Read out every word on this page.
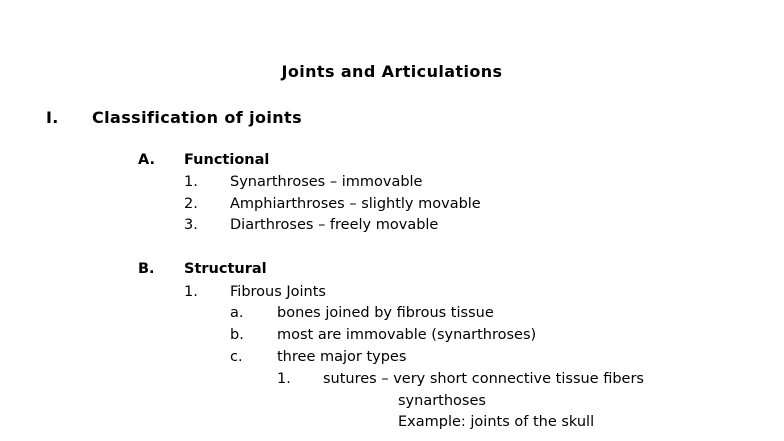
Joints and Articulations
I. Classification of joints
A. Functional
1. Synarthroses – immovable
2. Amphiarthroses – slightly movable
3. Diarthroses – freely movable
B. Structural
1. Fibrous Joints
a. bones joined by fibrous tissue
b. most are immovable (synarthroses)
c. three major types
1. sutures – very short connective tissue fibers
synarthoses
Example: joints of the skull
